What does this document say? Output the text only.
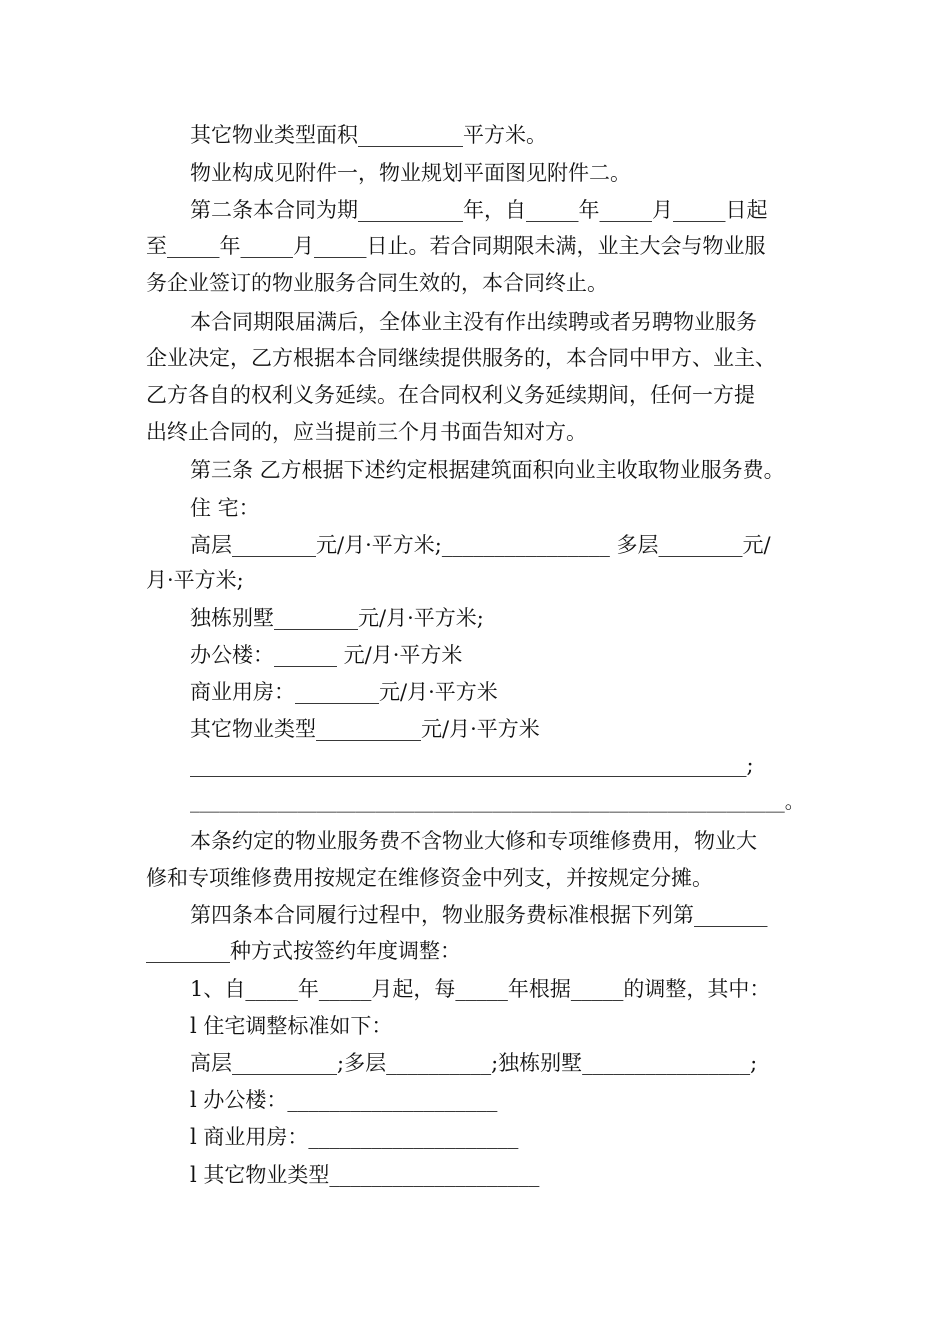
其它物业类型面积__________平方米。
物业构成见附件一，物业规划平面图见附件二。
第二条本合同为期__________年，自_____年_____月_____日起
至_____年_____月_____日止。若合同期限未满，业主大会与物业服
务企业签订的物业服务合同生效的，本合同终止。
本合同期限届满后，全体业主没有作出续聘或者另聘物业服务
企业决定，乙方根据本合同继续提供服务的，本合同中甲方、业主、
乙方各自的权利义务延续。在合同权利义务延续期间，任何一方提
出终止合同的，应当提前三个月书面告知对方。
第三条 乙方根据下述约定根据建筑面积向业主收取物业服务费。
住 宅：
高层________元/月·平方米;________________ 多层________元/
月·平方米;
独栋别墅________元/月·平方米;
办公楼：______ 元/月·平方米
商业用房：________元/月·平方米
其它物业类型__________元/月·平方米
_____________________________________________________;
_____________________________________________________________。
本条约定的物业服务费不含物业大修和专项维修费用，物业大
修和专项维修费用按规定在维修资金中列支，并按规定分摊。
第四条本合同履行过程中，物业服务费标准根据下列第_______
________种方式按签约年度调整：
1、自_____年_____月起，每_____年根据_____的调整，其中：
l 住宅调整标准如下：
高层__________;多层__________;独栋别墅________________;
l 办公楼：____________________
l 商业用房：____________________
l 其它物业类型____________________
